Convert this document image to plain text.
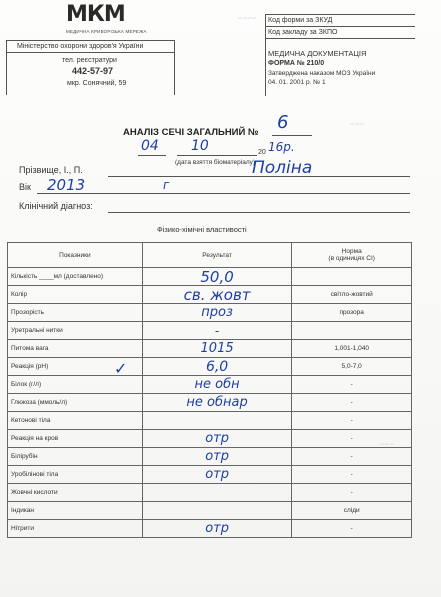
~~~~
~~~
~~~
МКМ
МЕДИЧНА КРИВОРІЗЬКА МЕРЕЖА
Міністерство охорони здоров'я України
тел. реєстратури
442-57-97
мкр. Сонячний, 59
Код форми за ЗКУД
Код закладу за ЗКПО
МЕДИЧНА ДОКУМЕНТАЦІЯ
ФОРМА № 210/0
Затверджена наказом МОЗ України
04. 01. 2001 р. № 1
АНАЛІЗ СЕЧІ ЗАГАЛЬНИЙ № 6
04 10	20 16р.
(дата взяття біоматеріалу)
Прізвище, І., П.	Поліна
Вік 2013	г
Клінічний діагноз:
Фізико-хімічні властивості
Показники	Результат	Норма
(в одиницях СІ)

Кількість ____мл (доставлено)	50,0	
Колір	св. жовт	світло-жовтий
Прозорість	проз	прозора
Уретральні нитки	-	
Питома вага	1015	1,001-1,040
Реакція (рН)	6,0	5,0-7,0
Білок (г/л)	не обн	-
Глюкоза (ммоль/л)	не обнар	-
Кетонові тіла		-
Реакція на кров	отр	-
Білірубін	отр	-
Уробілінові тіла	отр	-
Жовчні кислоти		-
Індикан		сліди
Нітрити	отр	-
✓
